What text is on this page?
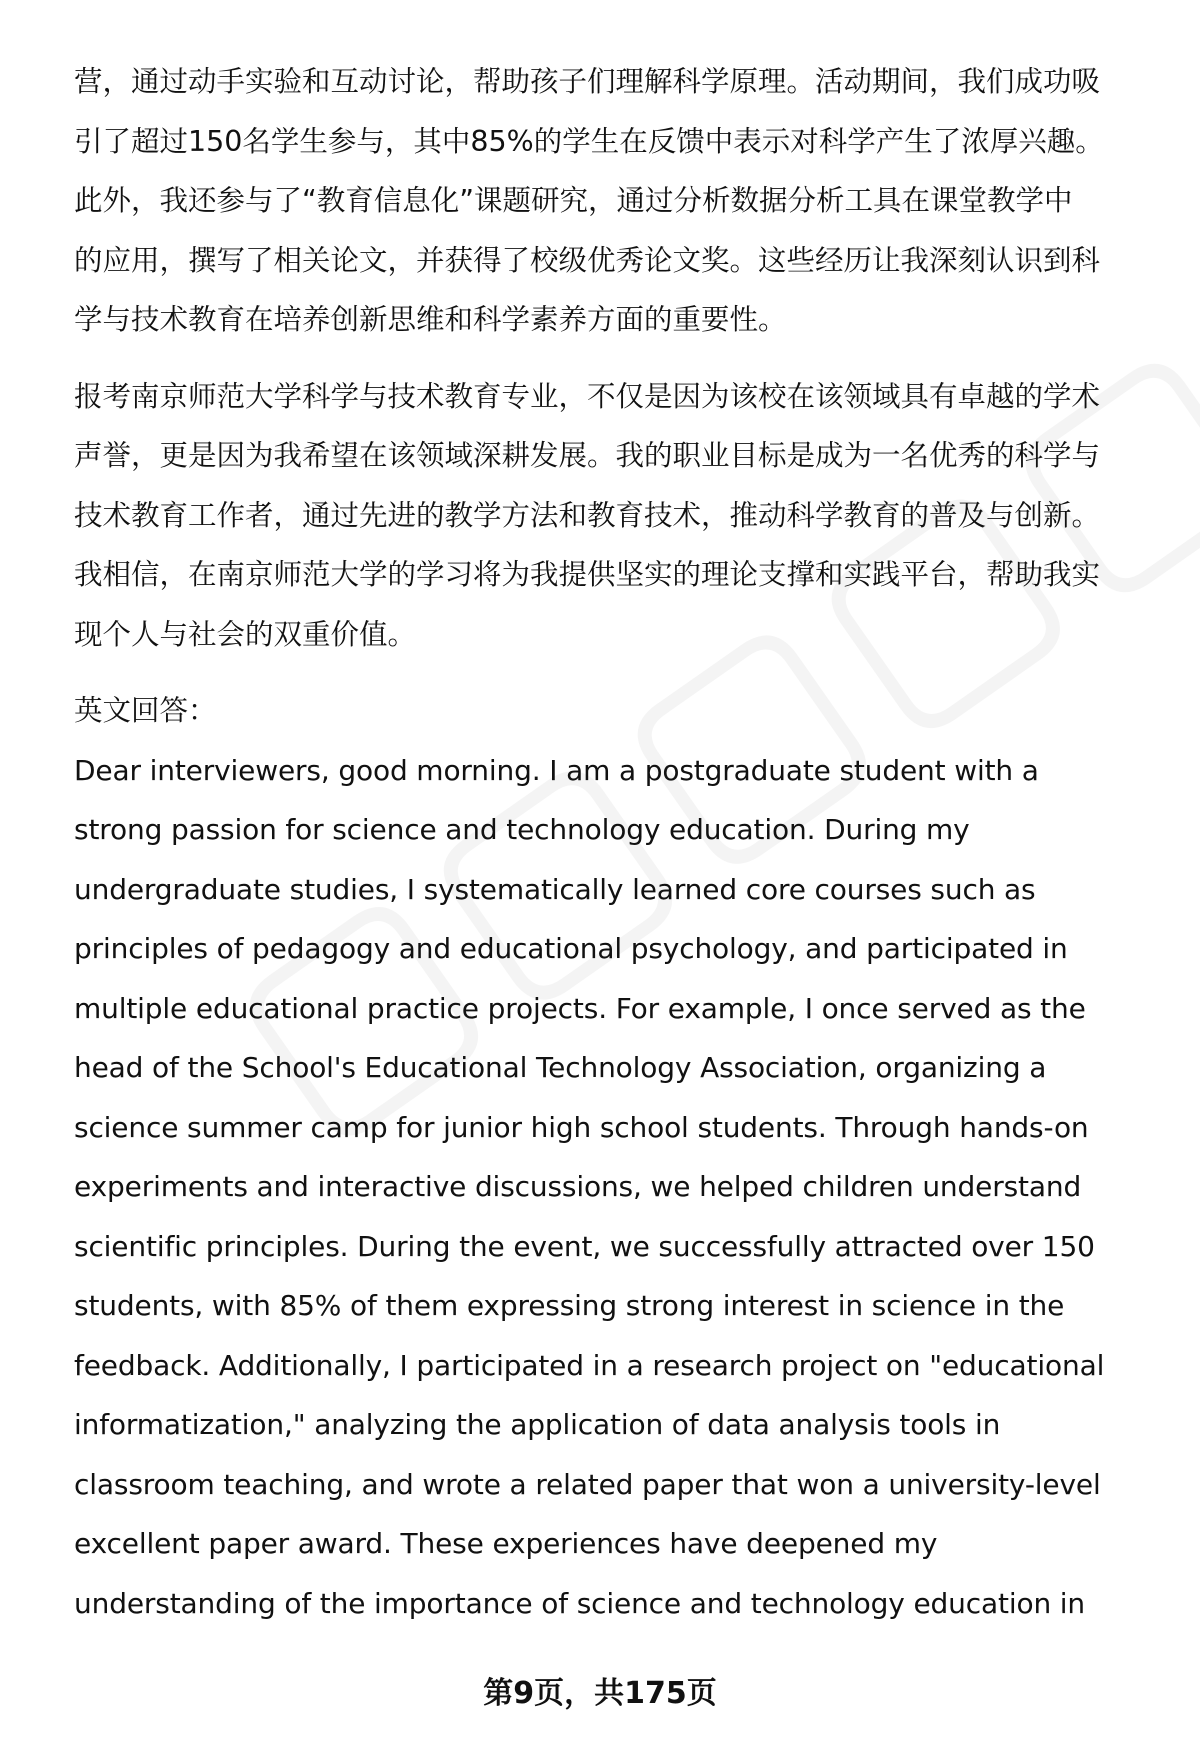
营，通过动手实验和互动讨论，帮助孩子们理解科学原理。活动期间，我们成功吸
引了超过150名学生参与，其中85%的学生在反馈中表示对科学产生了浓厚兴趣。
此外，我还参与了“教育信息化”课题研究，通过分析数据分析工具在课堂教学中
的应用，撰写了相关论文，并获得了校级优秀论文奖。这些经历让我深刻认识到科
学与技术教育在培养创新思维和科学素养方面的重要性。
报考南京师范大学科学与技术教育专业，不仅是因为该校在该领域具有卓越的学术
声誉，更是因为我希望在该领域深耕发展。我的职业目标是成为一名优秀的科学与
技术教育工作者，通过先进的教学方法和教育技术，推动科学教育的普及与创新。
我相信，在南京师范大学的学习将为我提供坚实的理论支撑和实践平台，帮助我实
现个人与社会的双重价值。
英文回答：
Dear interviewers, good morning. I am a postgraduate student with a
strong passion for science and technology education. During my
undergraduate studies, I systematically learned core courses such as
principles of pedagogy and educational psychology, and participated in
multiple educational practice projects. For example, I once served as the
head of the School's Educational Technology Association, organizing a
science summer camp for junior high school students. Through hands-on
experiments and interactive discussions, we helped children understand
scientific principles. During the event, we successfully attracted over 150
students, with 85% of them expressing strong interest in science in the
feedback. Additionally, I participated in a research project on "educational
informatization," analyzing the application of data analysis tools in
classroom teaching, and wrote a related paper that won a university-level
excellent paper award. These experiences have deepened my
understanding of the importance of science and technology education in
第9页，共175页
